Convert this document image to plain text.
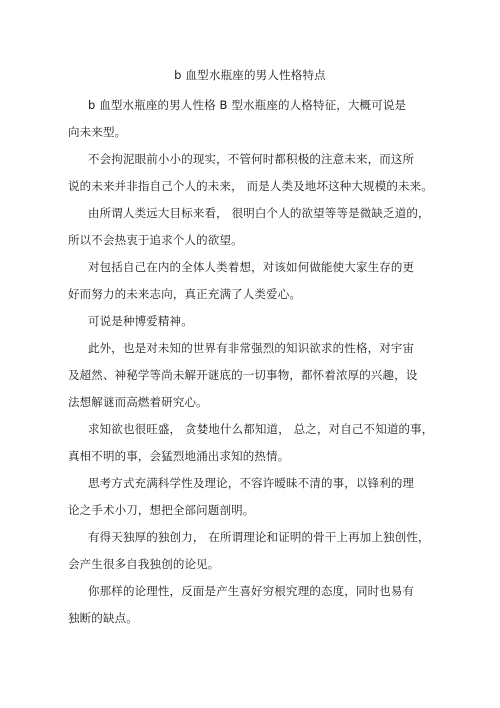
b 血型水瓶座的男人性格特点
b 血型水瓶座的男人性格 B 型水瓶座的人格特征，大概可说是
向未来型。
不会拘泥眼前小小的现实，不管何时都积极的注意未来，而这所
说的未来并非指自己个人的未来， 而是人类及地坏这种大规模的未来。
由所谓人类远大目标来看， 很明白个人的欲望等等是微缺乏道的，
所以不会热衷于追求个人的欲望。
对包括自己在内的全体人类着想，对该如何做能使大家生存的更
好而努力的未来志向，真正充满了人类爱心。
可说是种博爱精神。
此外，也是对未知的世界有非常强烈的知识欲求的性格，对宇宙
及超然、神秘学等尚未解开谜底的一切事物，都怀着浓厚的兴趣，设
法想解谜而高燃着研究心。
求知欲也很旺盛， 贪婪地什么都知道， 总之，对自己不知道的事，
真相不明的事，会猛烈地涌出求知的热情。
思考方式充满科学性及理论，不容许暧昧不清的事，以锋利的理
论之手术小刀，想把全部问题剖明。
有得天独厚的独创力， 在所谓理论和证明的骨干上再加上独创性，
会产生很多自我独创的论见。
你那样的论理性，反面是产生喜好穷根究理的态度，同时也易有
独断的缺点。
